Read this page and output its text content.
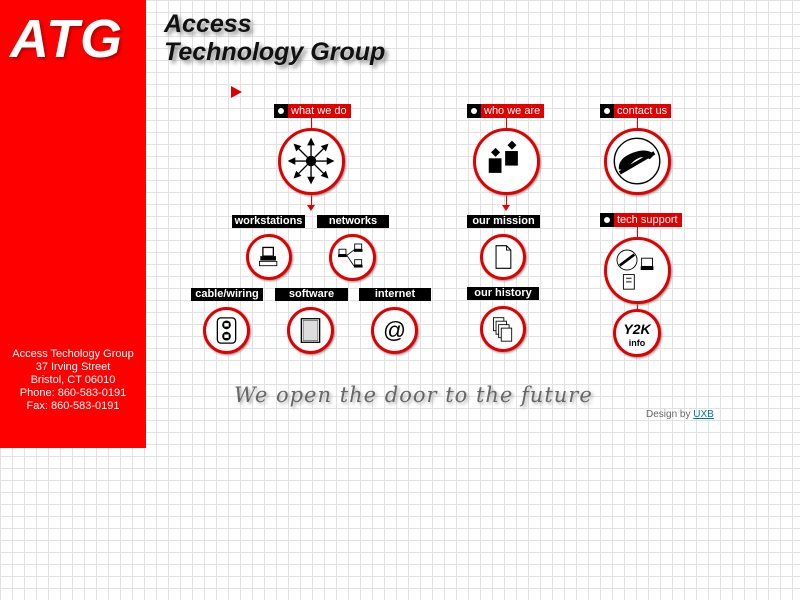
ATG
Access Techology Group
37 Irving Street
Bristol, CT 06010
Phone: 860-583-0191
Fax: 860-583-0191
Access
Technology Group
what we do	who we are	contact us
tech support
workstations	networks	our mission
cable/wiring	software	internet	our history
@	Y2K
info
We open the door to the future
Design by UXB
